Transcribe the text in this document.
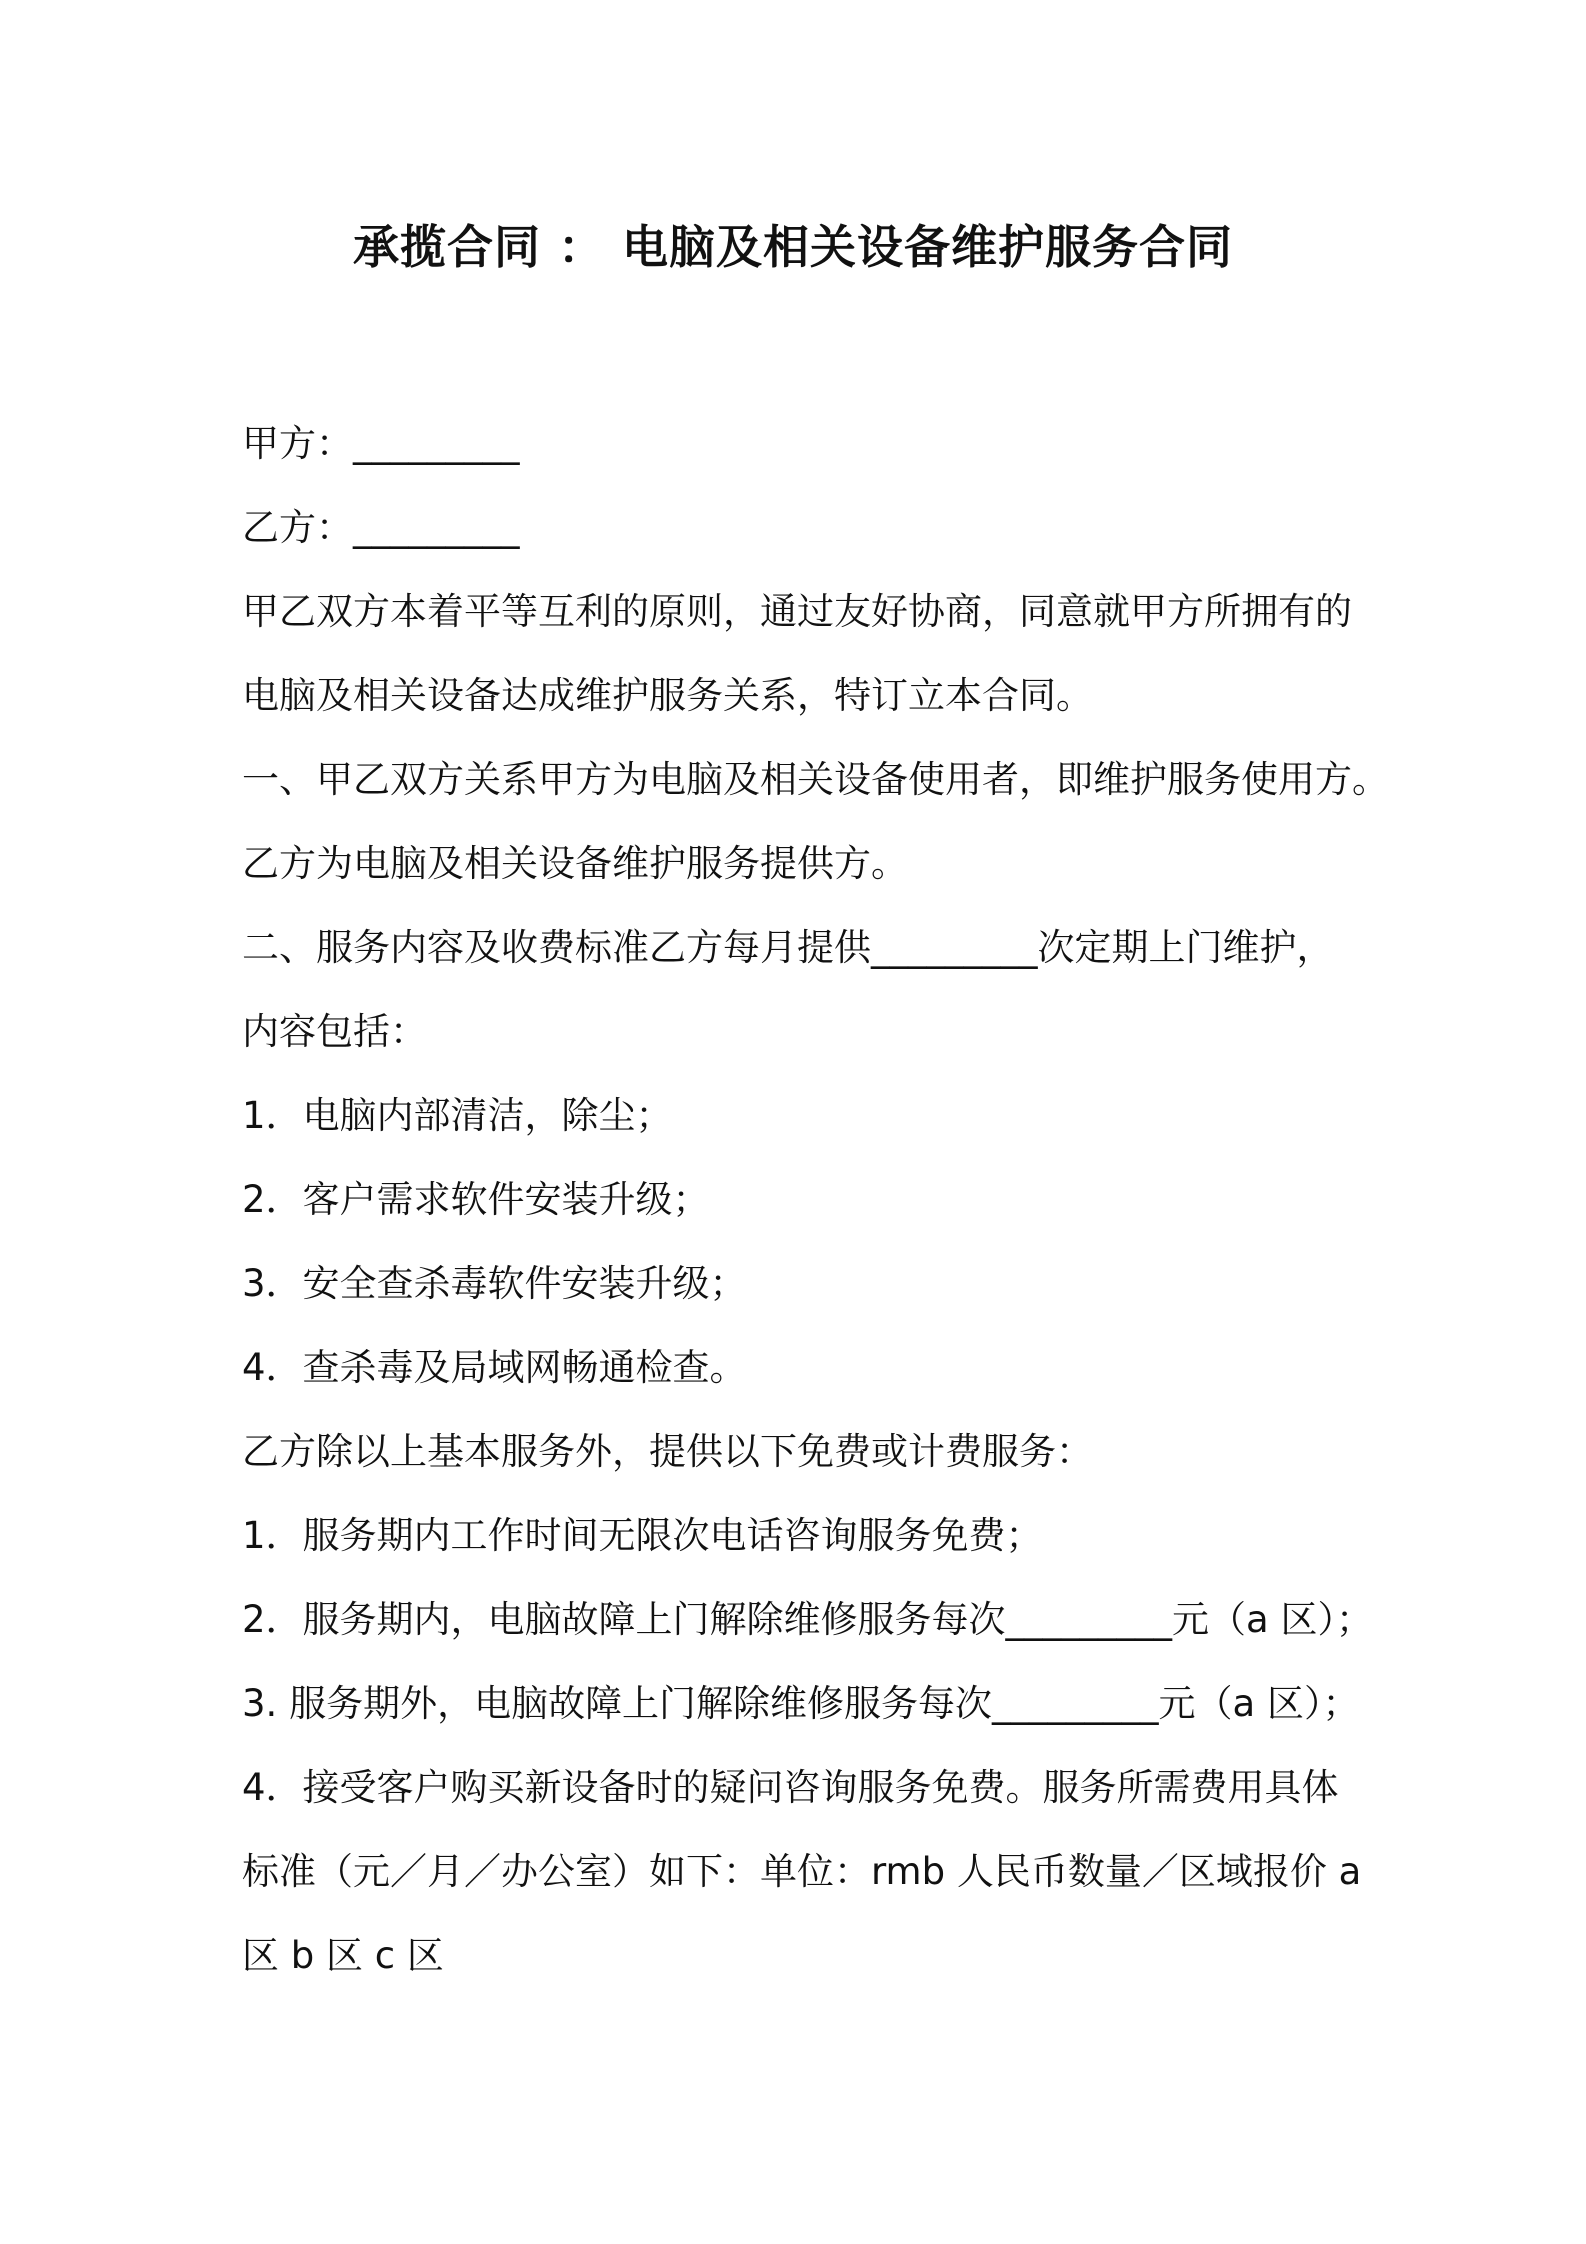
承揽合同 ： 电脑及相关设备维护服务合同

甲方：_________

乙方：_________

甲乙双方本着平等互利的原则，通过友好协商，同意就甲方所拥有的

电脑及相关设备达成维护服务关系，特订立本合同。

一、甲乙双方关系甲方为电脑及相关设备使用者，即维护服务使用方。

乙方为电脑及相关设备维护服务提供方。

二、服务内容及收费标准乙方每月提供_________次定期上门维护，

内容包括：

1．电脑内部清洁，除尘；

2．客户需求软件安装升级；

3．安全查杀毒软件安装升级；

4．查杀毒及局域网畅通检查。

乙方除以上基本服务外，提供以下免费或计费服务：

1．服务期内工作时间无限次电话咨询服务免费；

2．服务期内，电脑故障上门解除维修服务每次_________元（a 区）；

3. 服务期外，电脑故障上门解除维修服务每次_________元（a 区）；

4．接受客户购买新设备时的疑问咨询服务免费。服务所需费用具体

标准（元／月／办公室）如下：单位：rmb 人民币数量／区域报价 a

区 b 区 c 区
